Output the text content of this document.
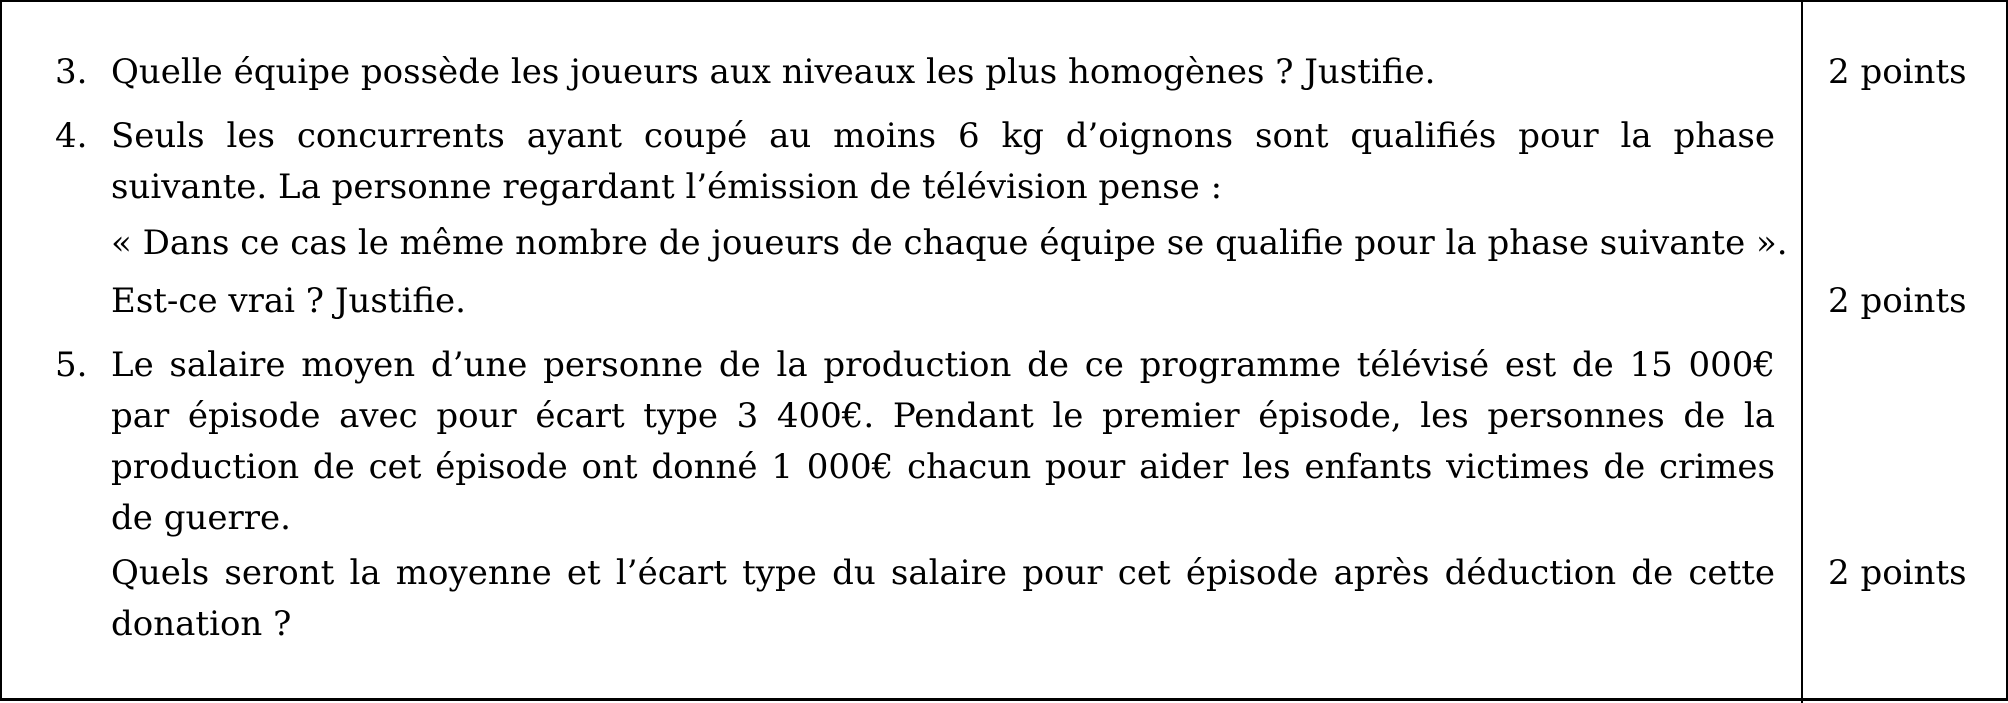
3. Quelle équipe possède les joueurs aux niveaux les plus homogènes ? Justifie.	2 points
4. Seuls les concurrents ayant coupé au moins 6 kg d’oignons sont qualifiés pour la phase
suivante. La personne regardant l’émission de télévision pense :
« Dans ce cas le même nombre de joueurs de chaque équipe se qualifie pour la phase suivante ».
Est-ce vrai ? Justifie.	2 points
5. Le salaire moyen d’une personne de la production de ce programme télévisé est de 15 000€
par épisode avec pour écart type 3 400€. Pendant le premier épisode, les personnes de la
production de cet épisode ont donné 1 000€ chacun pour aider les enfants victimes de crimes
de guerre.
Quels seront la moyenne et l’écart type du salaire pour cet épisode après déduction de cette
donation ?
2 points
